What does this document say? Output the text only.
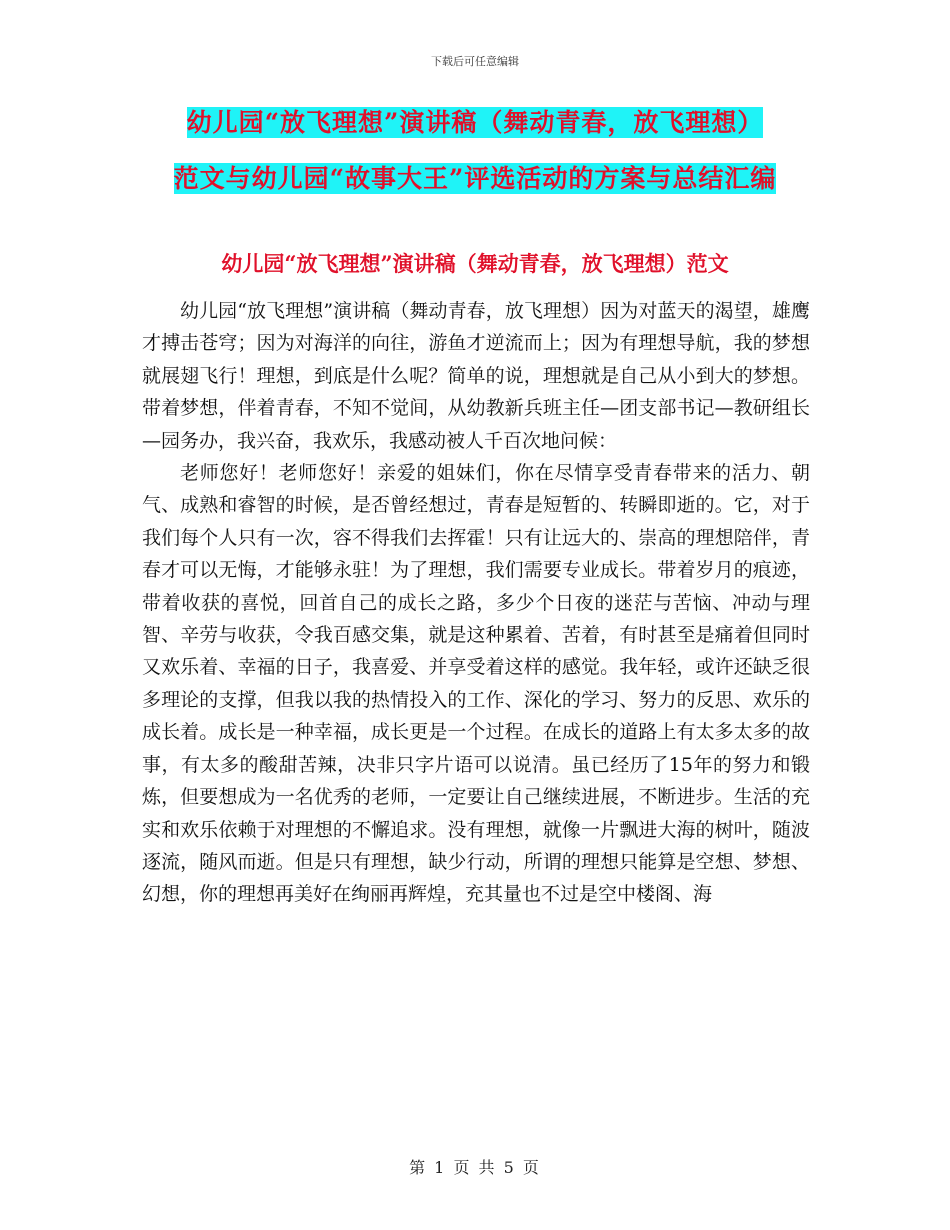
下载后可任意编辑
幼儿园“放飞理想”演讲稿（舞动青春，放飞理想）
范文与幼儿园“故事大王”评选活动的方案与总结汇编
幼儿园“放飞理想”演讲稿（舞动青春，放飞理想）范文

幼儿园“放飞理想”演讲稿（舞动青春，放飞理想）因为对蓝天的渴望，雄鹰才搏击苍穹；因为对海洋的向往，游鱼才逆流而上；因为有理想导航，我的梦想就展翅飞行！理想，到底是什么呢？简单的说，理想就是自己从小到大的梦想。带着梦想，伴着青春，不知不觉间，从幼教新兵班主任—团支部书记—教研组长—园务办，我兴奋，我欢乐，我感动被人千百次地问候：

老师您好！老师您好！亲爱的姐妹们，你在尽情享受青春带来的活力、朝气、成熟和睿智的时候，是否曾经想过，青春是短暂的、转瞬即逝的。它，对于我们每个人只有一次，容不得我们去挥霍！只有让远大的、崇高的理想陪伴，青春才可以无悔，才能够永驻！为了理想，我们需要专业成长。带着岁月的痕迹，带着收获的喜悦，回首自己的成长之路，多少个日夜的迷茫与苦恼、冲动与理智、辛劳与收获，令我百感交集，就是这种累着、苦着，有时甚至是痛着但同时又欢乐着、幸福的日子，我喜爱、并享受着这样的感觉。我年轻，或许还缺乏很多理论的支撑，但我以我的热情投入的工作、深化的学习、努力的反思、欢乐的成长着。成长是一种幸福，成长更是一个过程。在成长的道路上有太多太多的故事，有太多的酸甜苦辣，决非只字片语可以说清。虽已经历了15年的努力和锻炼，但要想成为一名优秀的老师，一定要让自己继续进展，不断进步。生活的充实和欢乐依赖于对理想的不懈追求。没有理想，就像一片飘进大海的树叶，随波逐流，随风而逝。但是只有理想，缺少行动，所谓的理想只能算是空想、梦想、幻想，你的理想再美好在绚丽再辉煌，充其量也不过是空中楼阁、海

第 1 页 共 5 页
